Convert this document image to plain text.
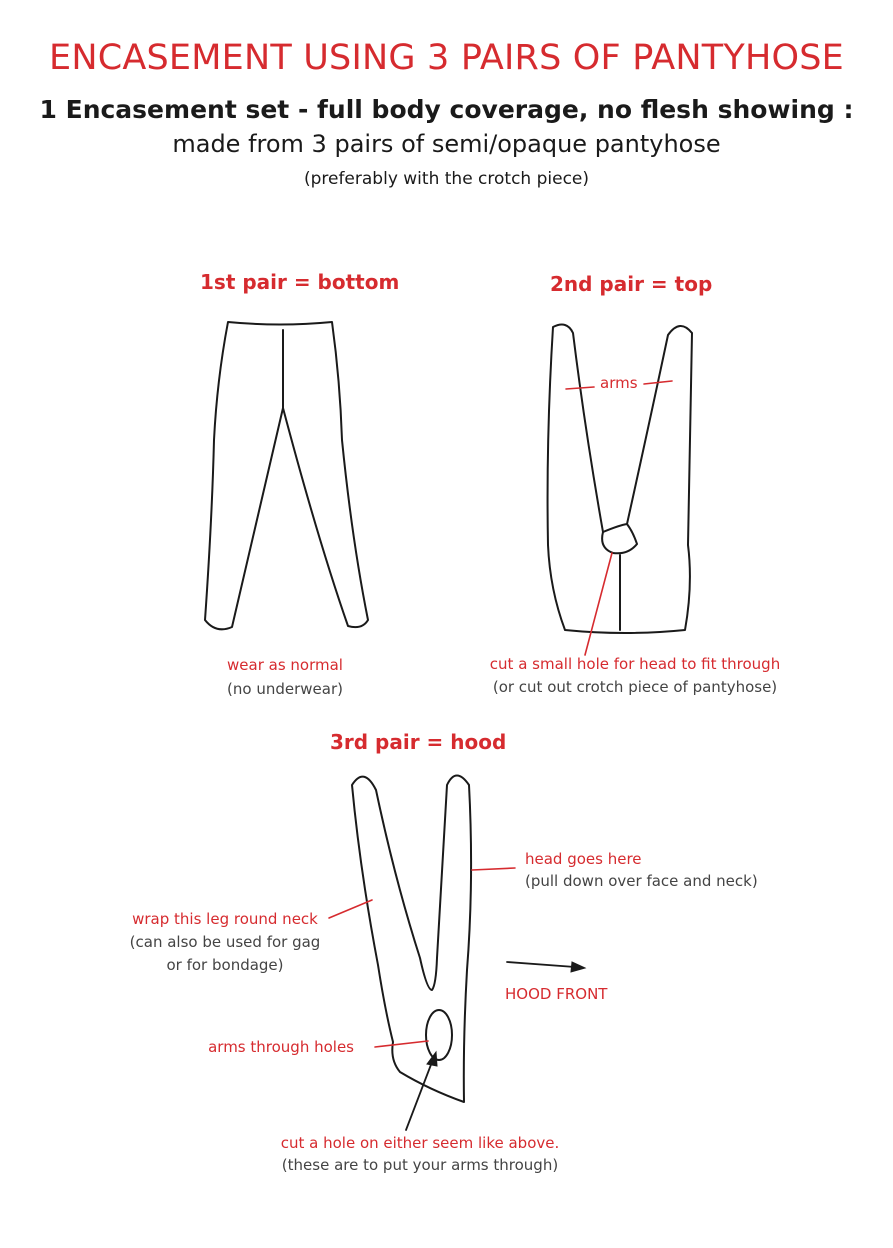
ENCASEMENT USING 3 PAIRS OF PANTYHOSE
1 Encasement set - full body coverage, no flesh showing :
made from 3 pairs of semi/opaque pantyhose
(preferably with the crotch piece)
1st pair = bottom
wear as normal
(no underwear)
2nd pair = top
arms
cut a small hole for head to fit through
(or cut out crotch piece of pantyhose)
3rd pair = hood
head goes here
(pull down over face and neck)
wrap this leg round neck
(can also be used for gag
or for bondage)
HOOD FRONT
arms through holes
cut a hole on either seem like above.
(these are to put your arms through)
